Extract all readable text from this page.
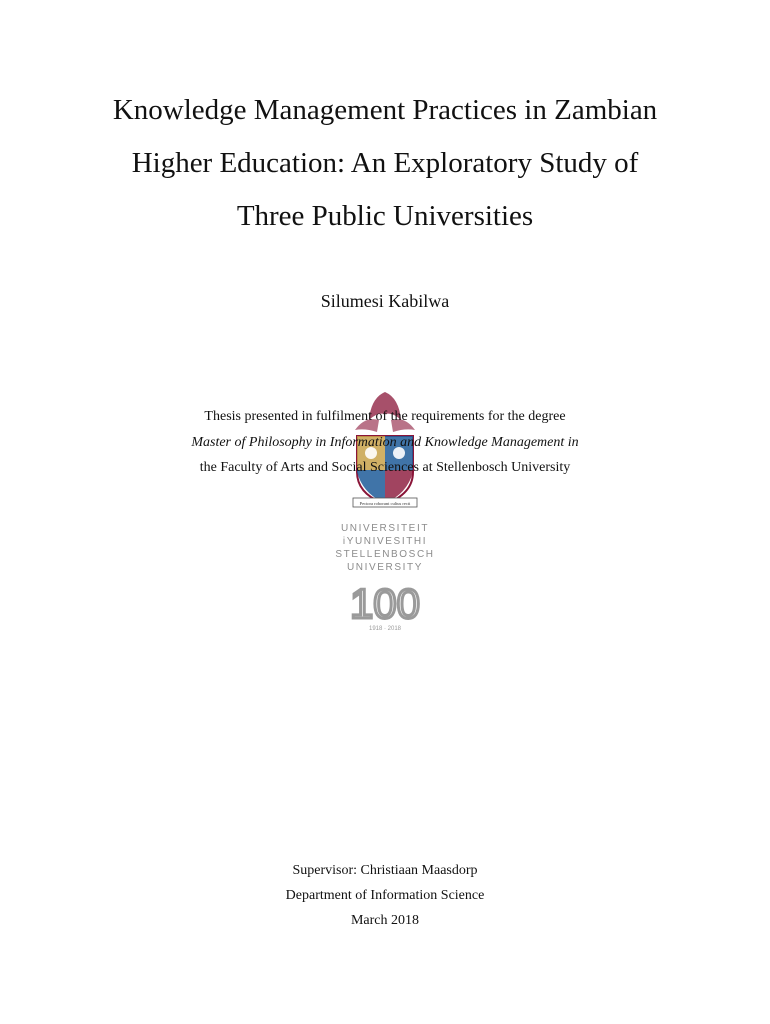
Knowledge Management Practices in Zambian
Higher Education: An Exploratory Study of
Three Public Universities
Silumesi Kabilwa
Pectora roborant cultus recti
UNIVERSITEIT
iYUNIVESITHI
STELLENBOSCH
UNIVERSITY
100
1918 · 2018
Thesis presented in fulfilment of the requirements for the degree
Master of Philosophy in Information and Knowledge Management in
the Faculty of Arts and Social Sciences at Stellenbosch University
Supervisor: Christiaan Maasdorp
Department of Information Science
March 2018
